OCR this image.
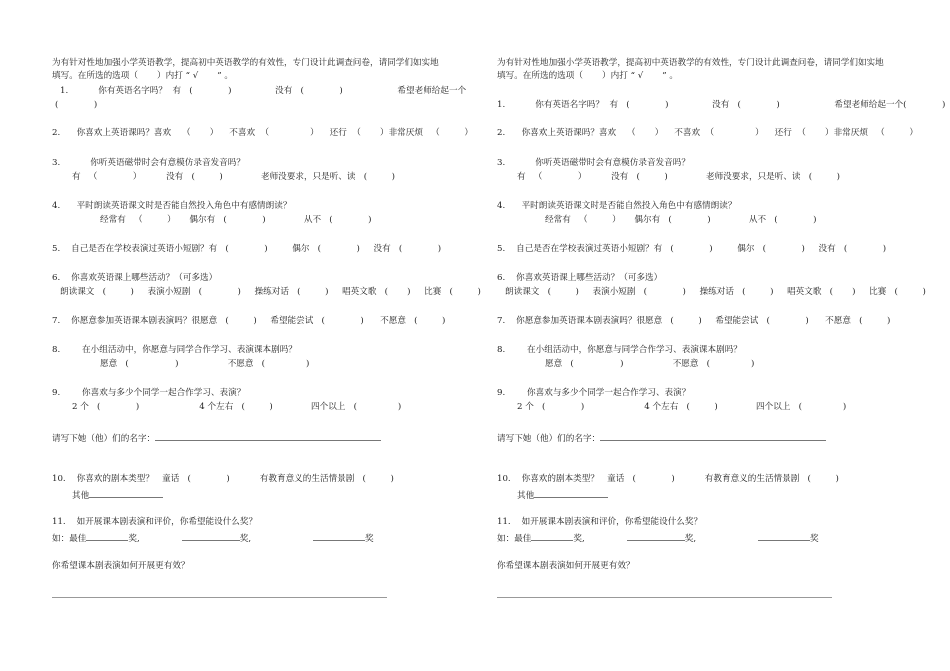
为有针对性地加强小学英语教学，提高初中英语教学的有效性，专门设计此调查问卷，请同学们如实地
填写。在所选的选项（       ）内打 “ √       ” 。
1.           你有英语名字吗？  有   (             )                没有   (             )                    希望老师给起一个
(             )
2.      你喜欢上英语课吗？喜欢    （       ）    不喜欢  （               ）    还行  （       ）非常厌烦   （         ）
3.           你听英语磁带时会有意模仿录音发音吗？
有   （             ）         没有   (         )              老师没要求，只是听、读   (         )
4.      平时朗读英语课文时是否能自然投入角色中有感情朗读？
经常有   （         ）     偶尔有   (             )              从不   (             )
5.    自己是否在学校表演过英语小短剧？有   (             )         偶尔   (             )     没有   (             )
6.    你喜欢英语课上哪些活动？（可多选）
朗读课文   (         )     表演小短剧   (             )     操练对话   (         )     唱英文歌   (       )     比赛   (         )
7.    你愿意参加英语课本剧表演吗？很愿意   (         )     希望能尝试   (             )      不愿意   (         )
8.        在小组活动中，你愿意与同学合作学习、表演课本剧吗？
愿意   (                 )                  不愿意   (               )
9.        你喜欢与多少个同学一起合作学习、表演？
2 个   (             )                      4 个左右   (         )              四个以上   (               )
请写下她（他）们的名字：
10.    你喜欢的剧本类型？   童话   (             )           有教育意义的生活情景剧   (         )
其他
11.    如开展课本剧表演和评价，你希望能设什么奖？
如：最佳	奖,	奖,	奖
你希望课本剧表演如何开展更有效？
为有针对性地加强小学英语教学，提高初中英语教学的有效性，专门设计此调查问卷，请同学们如实地
填写。在所选的选项（       ）内打 “ √       ” 。
1.           你有英语名字吗？  有   (             )                没有   (             )                    希望老师给起一个(             )
2.      你喜欢上英语课吗？喜欢    （       ）    不喜欢  （               ）    还行  （       ）非常厌烦   （         ）
3.           你听英语磁带时会有意模仿录音发音吗？
有   （             ）         没有   (         )              老师没要求，只是听、读   (         )
4.      平时朗读英语课文时是否能自然投入角色中有感情朗读？
经常有   （         ）     偶尔有   (             )              从不   (             )
5.    自己是否在学校表演过英语小短剧？有   (             )         偶尔   (             )     没有   (             )
6.    你喜欢英语课上哪些活动？（可多选）
朗读课文   (         )     表演小短剧   (             )     操练对话   (         )     唱英文歌   (       )     比赛   (         )
7.    你愿意参加英语课本剧表演吗？很愿意   (         )     希望能尝试   (             )      不愿意   (         )
8.        在小组活动中，你愿意与同学合作学习、表演课本剧吗？
愿意   (                 )                  不愿意   (               )
9.        你喜欢与多少个同学一起合作学习、表演？
2 个   (             )                      4 个左右   (         )              四个以上   (               )
请写下她（他）们的名字：
10.    你喜欢的剧本类型？   童话   (             )           有教育意义的生活情景剧   (         )
其他
11.    如开展课本剧表演和评价，你希望能设什么奖？
如：最佳	奖,	奖,	奖
你希望课本剧表演如何开展更有效？
